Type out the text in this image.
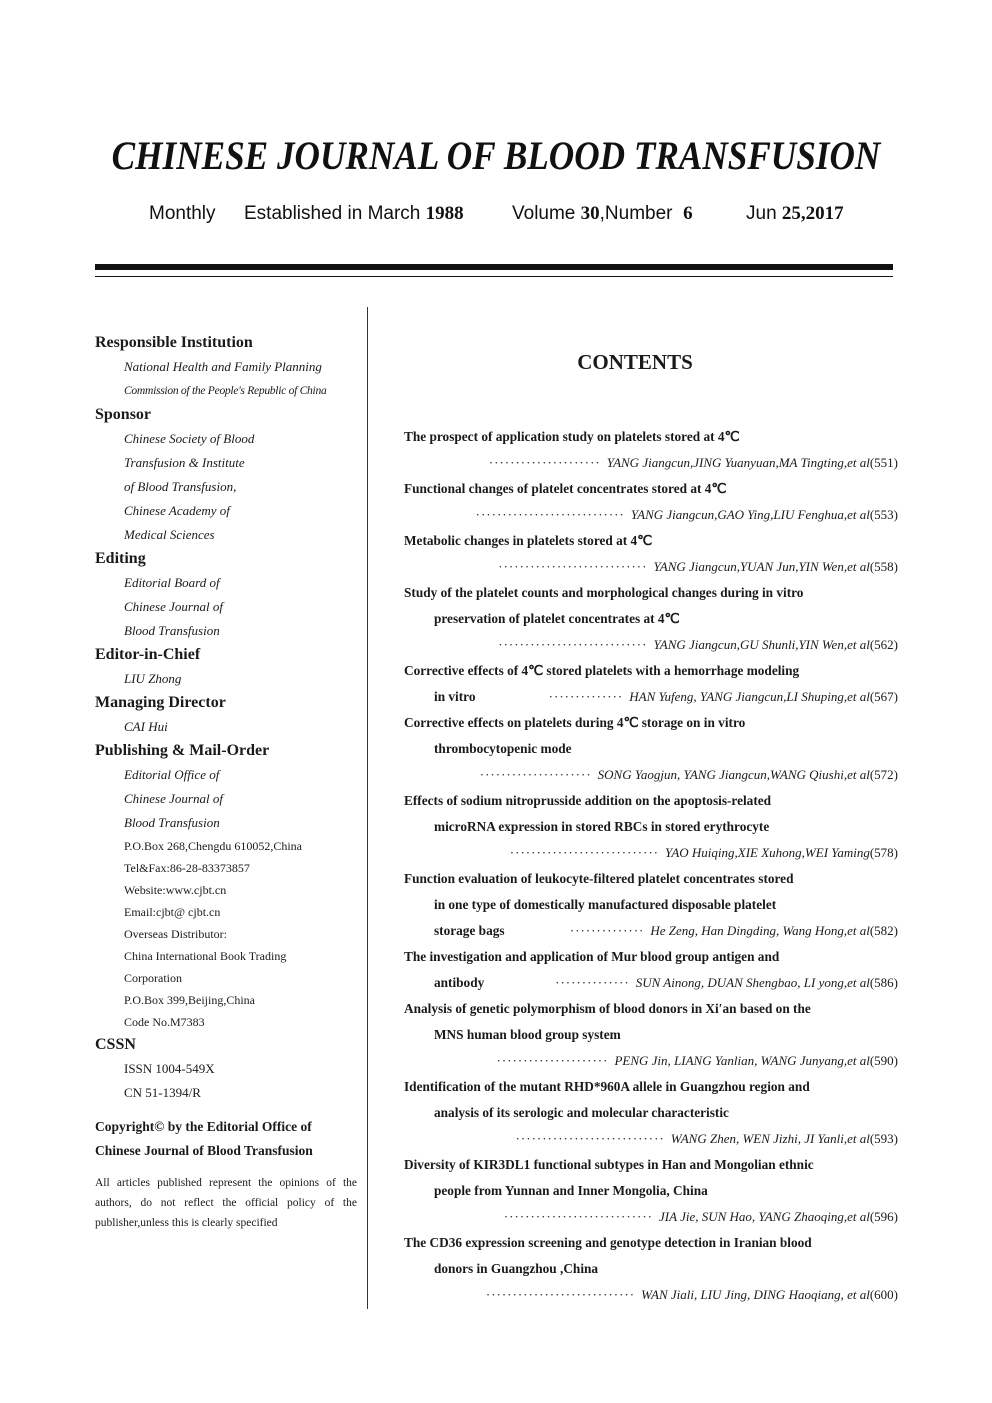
CHINESE JOURNAL OF BLOOD TRANSFUSION
Monthly Established in March 1988	Volume 30,Number 6	Jun 25,2017
Responsible Institution
National Health and Family Planning
Commission of the People's Republic of China
Sponsor
Chinese Society of Blood
Transfusion & Institute
of Blood Transfusion,
Chinese Academy of
Medical Sciences
Editing
Editorial Board of
Chinese Journal of
Blood Transfusion
Editor-in-Chief
LIU Zhong
Managing Director
CAI Hui
Publishing & Mail-Order
Editorial Office of
Chinese Journal of
Blood Transfusion
P.O.Box 268,Chengdu 610052,China
Tel&Fax:86-28-83373857
Website:www.cjbt.cn
Email:cjbt@ cjbt.cn
Overseas Distributor:
China International Book Trading
Corporation
P.O.Box 399,Beijing,China
Code No.M7383
CSSN
ISSN 1004-549X
CN 51-1394/R
Copyright© by the Editorial Office of
Chinese Journal of Blood Transfusion
All articles published represent the opinions of the authors, do not reflect the official policy of the publisher,unless this is clearly specified
CONTENTS
The prospect of application study on platelets stored at 4℃
····················· YANG Jiangcun,JING Yuanyuan,MA Tingting,et al(551)
Functional changes of platelet concentrates stored at 4℃
···························· YANG Jiangcun,GAO Ying,LIU Fenghua,et al(553)
Metabolic changes in platelets stored at 4℃
···························· YANG Jiangcun,YUAN Jun,YIN Wen,et al(558)
Study of the platelet counts and morphological changes during in vitro
preservation of platelet concentrates at 4℃
···························· YANG Jiangcun,GU Shunli,YIN Wen,et al(562)
Corrective effects of 4℃ stored platelets with a hemorrhage modeling
in vitro	·············· HAN Yufeng, YANG Jiangcun,LI Shuping,et al(567)
Corrective effects on platelets during 4℃ storage on in vitro
thrombocytopenic mode
····················· SONG Yaogjun, YANG Jiangcun,WANG Qiushi,et al(572)
Effects of sodium nitroprusside addition on the apoptosis-related
microRNA expression in stored RBCs in stored erythrocyte
···························· YAO Huiqing,XIE Xuhong,WEI Yaming(578)
Function evaluation of leukocyte-filtered platelet concentrates stored
in one type of domestically manufactured disposable platelet
storage bags	·············· He Zeng, Han Dingding, Wang Hong,et al(582)
The investigation and application of Mur blood group antigen and
antibody	·············· SUN Ainong, DUAN Shengbao, LI yong,et al(586)
Analysis of genetic polymorphism of blood donors in Xi′an based on the
MNS human blood group system
····················· PENG Jin, LIANG Yanlian, WANG Junyang,et al(590)
Identification of the mutant RHD*960A allele in Guangzhou region and
analysis of its serologic and molecular characteristic
···························· WANG Zhen, WEN Jizhi, JI Yanli,et al(593)
Diversity of KIR3DL1 functional subtypes in Han and Mongolian ethnic
people from Yunnan and Inner Mongolia, China
···························· JIA Jie, SUN Hao, YANG Zhaoqing,et al(596)
The CD36 expression screening and genotype detection in Iranian blood
donors in Guangzhou ,China
···························· WAN Jiali, LIU Jing, DING Haoqiang, et al(600)
